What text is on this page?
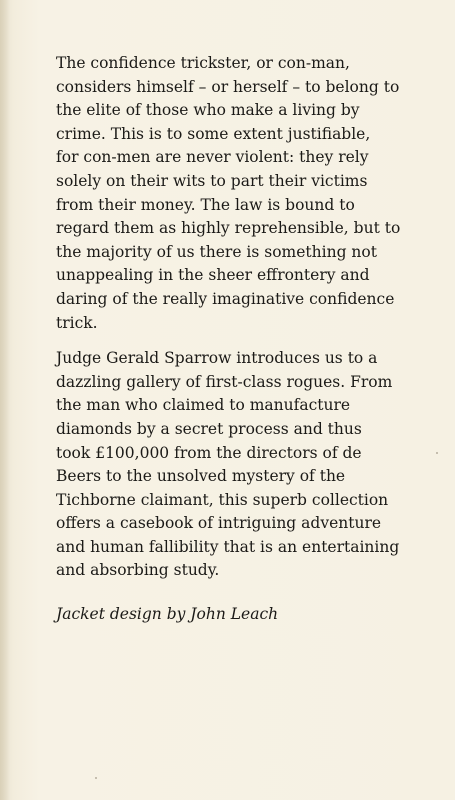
The confidence trickster, or con-man,
considers himself – or herself – to belong to
the elite of those who make a living by
crime. This is to some extent justifiable,
for con-men are never violent: they rely
solely on their wits to part their victims
from their money. The law is bound to
regard them as highly reprehensible, but to
the majority of us there is something not
unappealing in the sheer effrontery and
daring of the really imaginative confidence
trick.

Judge Gerald Sparrow introduces us to a
dazzling gallery of first-class rogues. From
the man who claimed to manufacture
diamonds by a secret process and thus
took £100,000 from the directors of de
Beers to the unsolved mystery of the
Tichborne claimant, this superb collection
offers a casebook of intriguing adventure
and human fallibility that is an entertaining
and absorbing study.

Jacket design by John Leach
